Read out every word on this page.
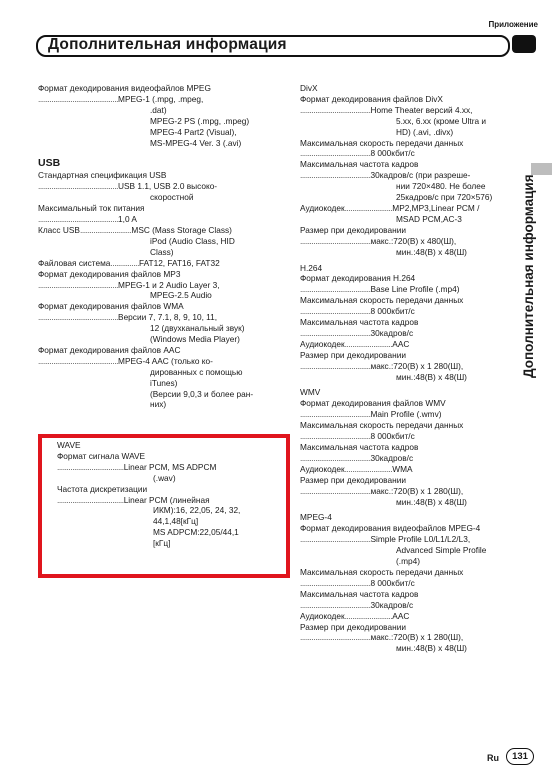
Приложение
Дополнительная информация
Дополнительная информация
Формат декодирования видеофайлов MPEG
..........................................MPEG-1 (.mpg, .mpeg,
.dat)
MPEG-2 PS (.mpg, .mpeg)
MPEG-4 Part2 (Visual),
MS-MPEG-4 Ver. 3 (.avi)
USB
Стандартная спецификация USB
..........................................USB 1.1, USB 2.0 высоко-
скоростной
Максимальный ток питания
..........................................1,0 A
Класс USB...........................MSC (Mass Storage Class)
iPod (Audio Class, HID
Class)
Файловая система...............FAT12, FAT16, FAT32
Формат декодирования файлов MP3
..........................................MPEG-1 и 2 Audio Layer 3,
MPEG-2.5 Audio
Формат декодирования файлов WMA
..........................................Версии 7, 7.1, 8, 9, 10, 11,
12 (двухканальный звук)
(Windows Media Player)
Формат декодирования файлов AAC
..........................................MPEG-4 AAC (только ко-
дированных с помощью
iTunes)
(Версии 9,0,3 и более ран-
них)
WAVE
Формат сигнала WAVE
...................................Linear PCM, MS ADPCM
(.wav)
Частота дискретизации
...................................Linear PCM (линейная
ИКМ):16, 22,05, 24, 32,
44,1,48[кГц]
MS ADPCM:22,05/44,1
[кГц]
DivX
Формат декодирования файлов DivX
.....................................Home Theater версий 4.xx,
5.xx, 6.xx (кроме Ultra и
HD) (.avi, .divx)
Максимальная скорость передачи данных
.....................................8 000кбит/с
Максимальная частота кадров
.....................................30кадров/с (при разреше-
нии 720×480. Не более
25кадров/с при 720×576)
Аудиокодек.........................MP2,MP3,Linear PCM /
MSAD PCM,AC-3
Размер при декодировании
.....................................макс.:720(В) x 480(Ш),
мин.:48(В) x 48(Ш)
H.264
Формат декодирования H.264
.....................................Base Line Profile (.mp4)
Максимальная скорость передачи данных
.....................................8 000кбит/с
Максимальная частота кадров
.....................................30кадров/с
Аудиокодек.........................AAC
Размер при декодировании
.....................................макс.:720(В) x 1 280(Ш),
мин.:48(В) x 48(Ш)
WMV
Формат декодирования файлов WMV
.....................................Main Profile (.wmv)
Максимальная скорость передачи данных
.....................................8 000кбит/с
Максимальная частота кадров
.....................................30кадров/с
Аудиокодек.........................WMA
Размер при декодировании
.....................................макс.:720(В) x 1 280(Ш),
мин.:48(В) x 48(Ш)
MPEG-4
Формат декодирования видеофайлов MPEG-4
.....................................Simple Profile L0/L1/L2/L3,
Advanced Simple Profile
(.mp4)
Максимальная скорость передачи данных
.....................................8 000кбит/с
Максимальная частота кадров
.....................................30кадров/с
Аудиокодек.........................AAC
Размер при декодировании
.....................................макс.:720(В) x 1 280(Ш),
мин.:48(В) x 48(Ш)
Ru	131
